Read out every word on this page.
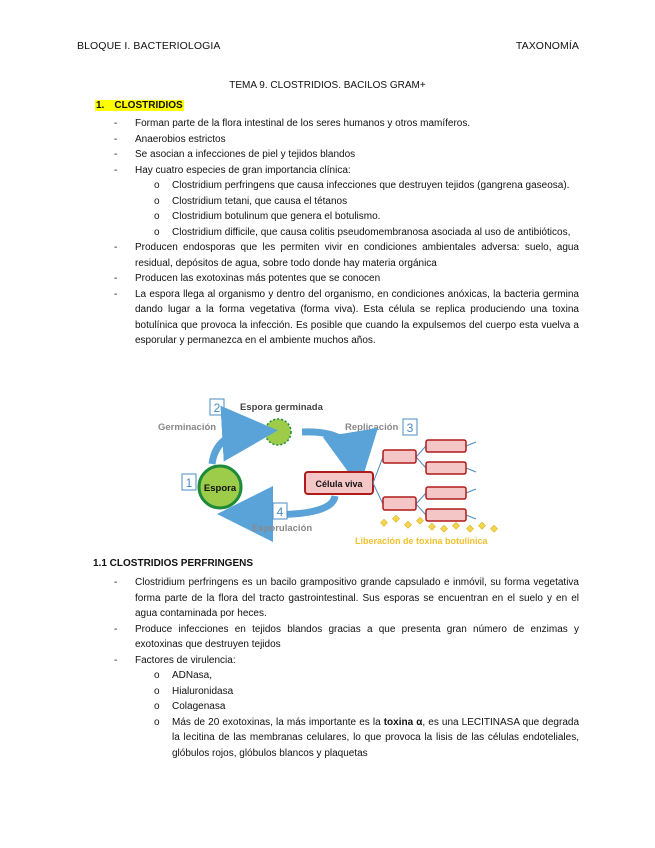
BLOQUE I. BACTERIOLOGIA	TAXONOMÍA
TEMA 9. CLOSTRIDIOS. BACILOS GRAM+
1. CLOSTRIDIOS
- Forman parte de la flora intestinal de los seres humanos y otros mamíferos.
- Anaerobios estrictos
- Se asocian a infecciones de piel y tejidos blandos
- Hay cuatro especies de gran importancia clínica:
o Clostridium perfringens que causa infecciones que destruyen tejidos (gangrena gaseosa).
o Clostridium tetani, que causa el tétanos
o Clostridium botulinum que genera el botulismo.
o Clostridium difficile, que causa colitis pseudomembranosa asociada al uso de antibióticos,
- Producen endosporas que les permiten vivir en condiciones ambientales adversa: suelo, agua residual, depósitos de agua, sobre todo donde hay materia orgánica
- Producen las exotoxinas más potentes que se conocen
- La espora llega al organismo y dentro del organismo, en condiciones anóxicas, la bacteria germina dando lugar a la forma vegetativa (forma viva). Esta célula se replica produciendo una toxina botulínica que provoca la infección. Es posible que cuando la expulsemos del cuerpo esta vuelva a esporular y permanezca en el ambiente muchos años.
2 Espora germinada
Germinación	Replicación 3
1 Espora	Célula viva
Liberación de toxina botulínica
4
Esporulación
1.1 CLOSTRIDIOS PERFRINGENS
- Clostridium perfringens es un bacilo grampositivo grande capsulado e inmóvil, su forma vegetativa forma parte de la flora del tracto gastrointestinal. Sus esporas se encuentran en el suelo y en el agua contaminada por heces.
- Produce infecciones en tejidos blandos gracias a que presenta gran número de enzimas y exotoxinas que destruyen tejidos
- Factores de virulencia:
o ADNasa,
o Hialuronidasa
o Colagenasa
o Más de 20 exotoxinas, la más importante es la toxina α, es una LECITINASA que degrada la lecitina de las membranas celulares, lo que provoca la lisis de las células endoteliales, glóbulos rojos, glóbulos blancos y plaquetas
